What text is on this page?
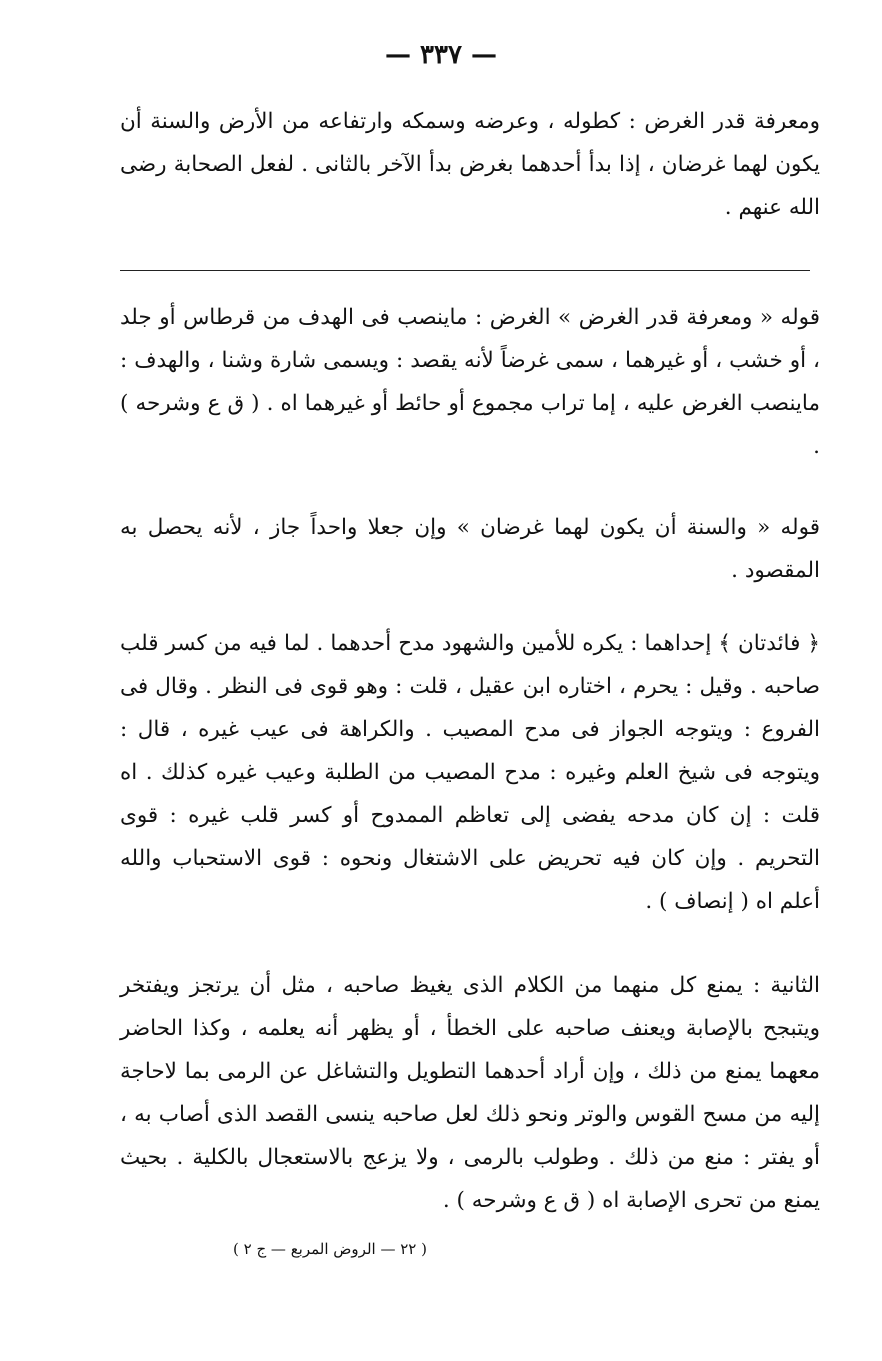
— ٣٣٧ —
ومعرفة قدر الغرض : كطوله ، وعرضه وسمكه وارتفاعه من الأرض والسنة أن يكون لهما غرضان ، إذا بدأ أحدهما بغرض بدأ الآخر بالثانى . لفعل الصحابة رضى الله عنهم .
قوله « ومعرفة قدر الغرض » الغرض : ماينصب فى الهدف من قرطاس أو جلد ، أو خشب ، أو غيرهما ، سمى غرضاً لأنه يقصد : ويسمى شارة وشنا ، والهدف : ماينصب الغرض عليه ، إما تراب مجموع أو حائط أو غيرهما اه . ( ق ع وشرحه ) .
قوله « والسنة أن يكون لهما غرضان » وإن جعلا واحداً جاز ، لأنه يحصل به المقصود .
﴿ فائدتان ﴾ إحداهما : يكره للأمين والشهود مدح أحدهما . لما فيه من كسر قلب صاحبه . وقيل : يحرم ، اختاره ابن عقيل ، قلت : وهو قوى فى النظر . وقال فى الفروع : ويتوجه الجواز فى مدح المصيب . والكراهة فى عيب غيره ، قال : ويتوجه فى شيخ العلم وغيره : مدح المصيب من الطلبة وعيب غيره كذلك . اه قلت : إن كان مدحه يفضى إلى تعاظم الممدوح أو كسر قلب غيره : قوى التحريم . وإن كان فيه تحريض على الاشتغال ونحوه : قوى الاستحباب والله أعلم اه ( إنصاف ) .
الثانية : يمنع كل منهما من الكلام الذى يغيظ صاحبه ، مثل أن يرتجز ويفتخر ويتبجح بالإصابة ويعنف صاحبه على الخطأ ، أو يظهر أنه يعلمه ، وكذا الحاضر معهما يمنع من ذلك ، وإن أراد أحدهما التطويل والتشاغل عن الرمى بما لاحاجة إليه من مسح القوس والوتر ونحو ذلك لعل صاحبه ينسى القصد الذى أصاب به ، أو يفتر : منع من ذلك . وطولب بالرمى ، ولا يزعج بالاستعجال بالكلية . بحيث يمنع من تحرى الإصابة اه ( ق ع وشرحه ) .
( ٢٢ — الروض المربع — ج ٢ )
